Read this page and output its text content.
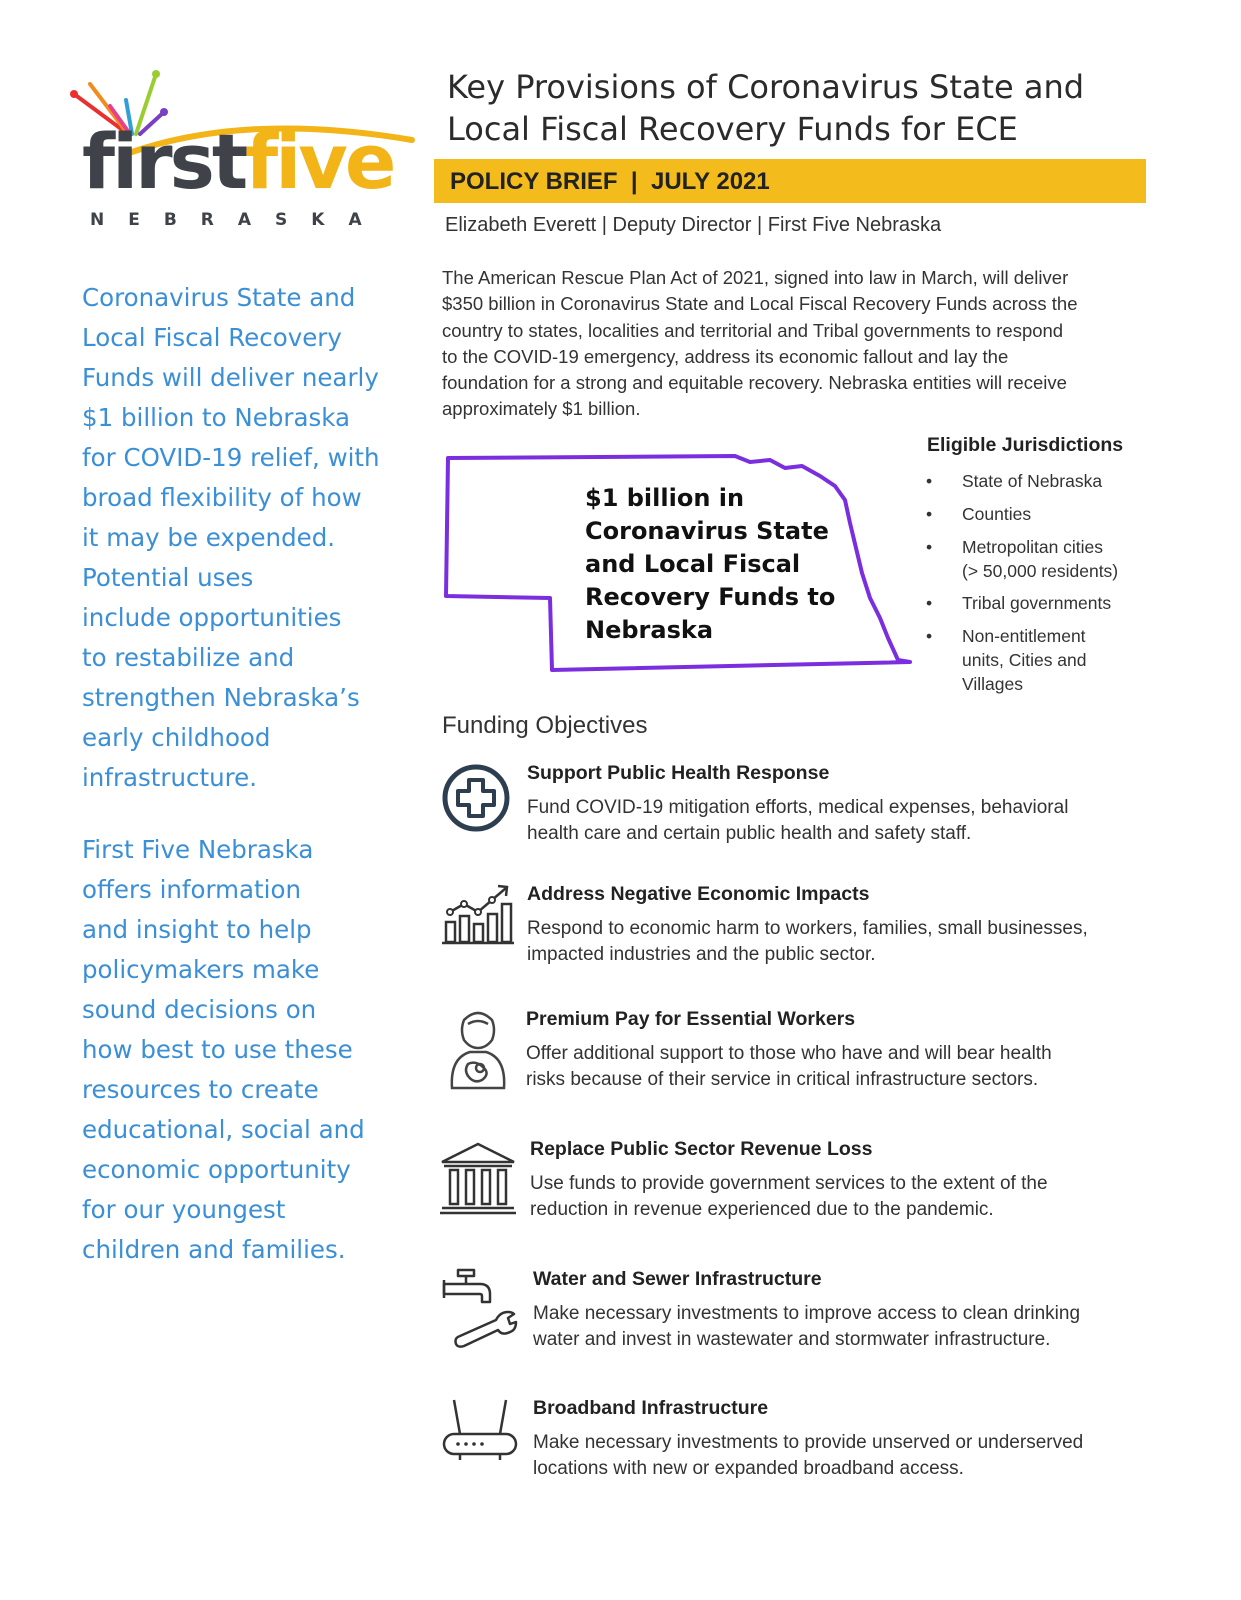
firstfive
NEBRASKA

Coronavirus State and
Local Fiscal Recovery
Funds will deliver nearly
$1 billion to Nebraska
for COVID-19 relief, with
broad flexibility of how
it may be expended.
Potential uses
include opportunities
to restabilize and
strengthen Nebraska’s
early childhood
infrastructure.

First Five Nebraska
offers information
and insight to help
policymakers make
sound decisions on
how best to use these
resources to create
educational, social and
economic opportunity
for our youngest
children and families.

Key Provisions of Coronavirus State and
Local Fiscal Recovery Funds for ECE
POLICY BRIEF  |  JULY 2021
Elizabeth Everett | Deputy Director | First Five Nebraska

The American Rescue Plan Act of 2021, signed into law in March, will deliver
$350 billion in Coronavirus State and Local Fiscal Recovery Funds across the
country to states, localities and territorial and Tribal governments to respond
to the COVID-19 emergency, address its economic fallout and lay the
foundation for a strong and equitable recovery. Nebraska entities will receive
approximately $1 billion.

$1 billion in
Coronavirus State
and Local Fiscal
Recovery Funds to
Nebraska
Eligible Jurisdictions
• State of Nebraska
• Counties
• Metropolitan cities
(> 50,000 residents)
• Tribal governments
• Non-entitlement
units, Cities and
Villages
Funding Objectives
Support Public Health Response
Fund COVID-19 mitigation efforts, medical expenses, behavioral
health care and certain public health and safety staff.
Address Negative Economic Impacts
Respond to economic harm to workers, families, small businesses,
impacted industries and the public sector.
Premium Pay for Essential Workers
Offer additional support to those who have and will bear health
risks because of their service in critical infrastructure sectors.
Replace Public Sector Revenue Loss
Use funds to provide government services to the extent of the
reduction in revenue experienced due to the pandemic.
Water and Sewer Infrastructure
Make necessary investments to improve access to clean drinking
water and invest in wastewater and stormwater infrastructure.
Broadband Infrastructure
Make necessary investments to provide unserved or underserved
locations with new or expanded broadband access.
